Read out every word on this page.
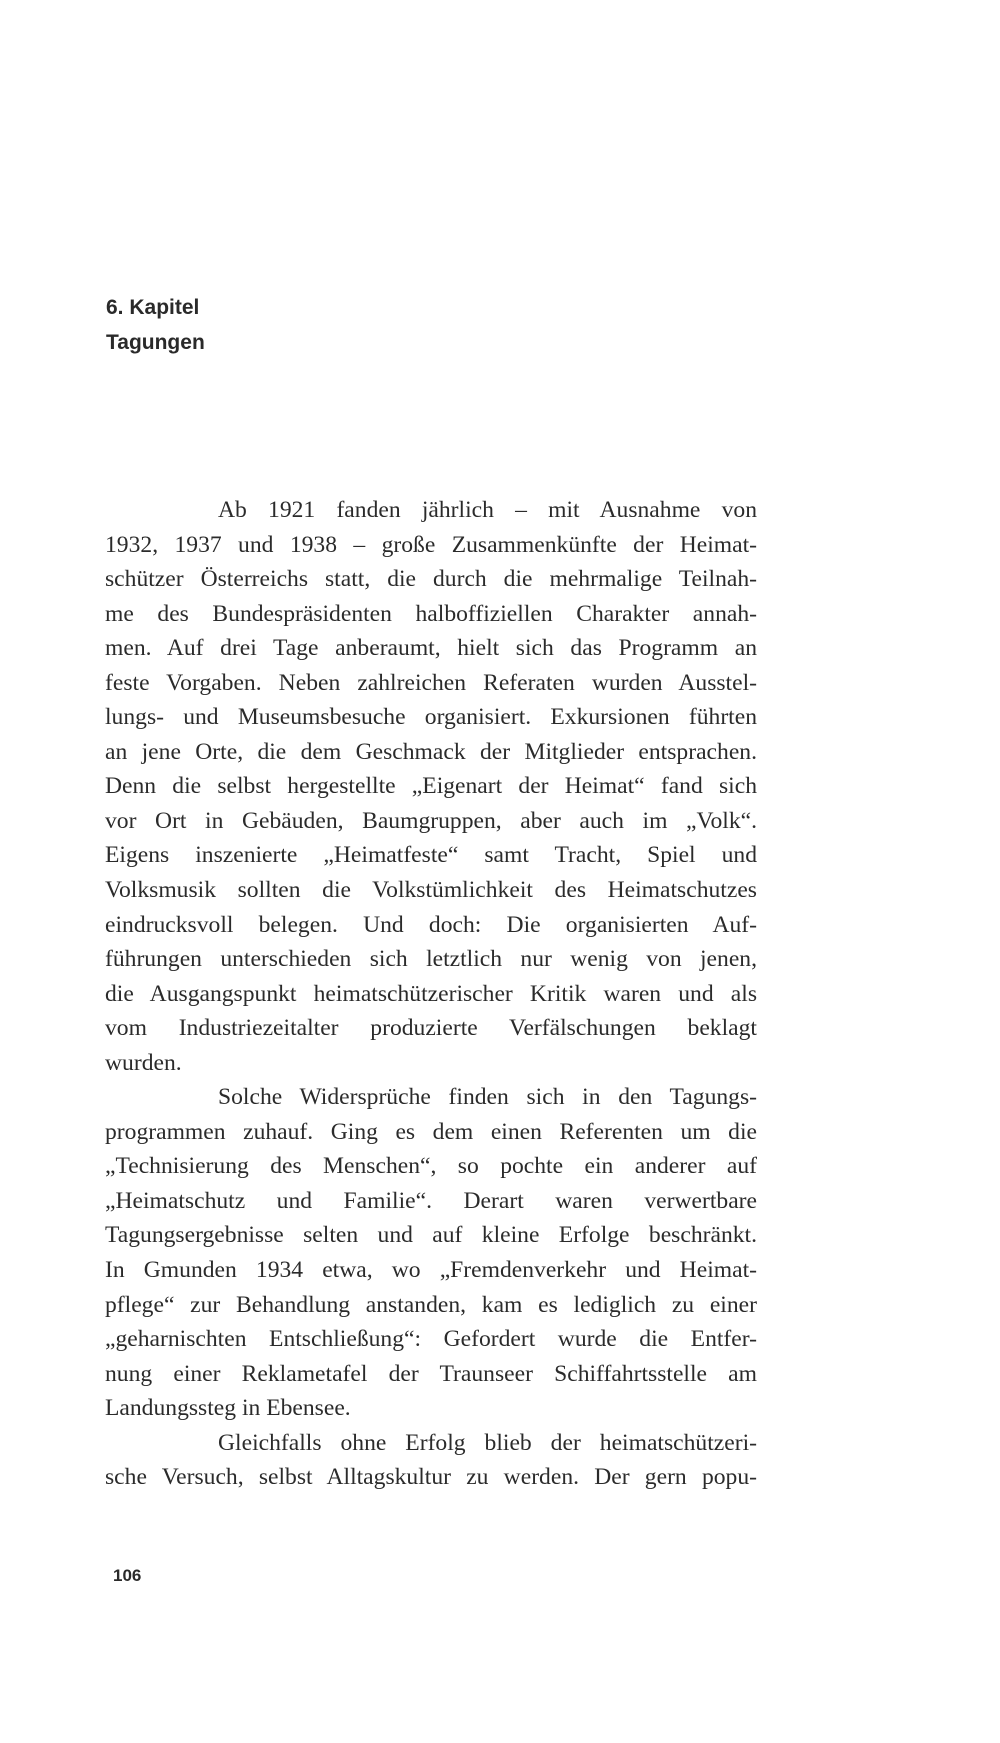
6. Kapitel
Tagungen
Ab 1921 fanden jährlich – mit Ausnahme von
1932, 1937 und 1938 – große Zusammenkünfte der Heimat-
schützer Österreichs statt, die durch die mehrmalige Teilnah-
me des Bundespräsidenten halboffiziellen Charakter annah-
men. Auf drei Tage anberaumt, hielt sich das Programm an
feste Vorgaben. Neben zahlreichen Referaten wurden Ausstel-
lungs- und Museumsbesuche organisiert. Exkursionen führten
an jene Orte, die dem Geschmack der Mitglieder entsprachen.
Denn die selbst hergestellte „Eigenart der Heimat“ fand sich
vor Ort in Gebäuden, Baumgruppen, aber auch im „Volk“.
Eigens inszenierte „Heimatfeste“ samt Tracht, Spiel und
Volksmusik sollten die Volkstümlichkeit des Heimatschutzes
eindrucksvoll belegen. Und doch: Die organisierten Auf-
führungen unterschieden sich letztlich nur wenig von jenen,
die Ausgangspunkt heimatschützerischer Kritik waren und als
vom Industriezeitalter produzierte Verfälschungen beklagt
wurden.
Solche Widersprüche finden sich in den Tagungs-
programmen zuhauf. Ging es dem einen Referenten um die
„Technisierung des Menschen“, so pochte ein anderer auf
„Heimatschutz und Familie“. Derart waren verwertbare
Tagungsergebnisse selten und auf kleine Erfolge beschränkt.
In Gmunden 1934 etwa, wo „Fremdenverkehr und Heimat-
pflege“ zur Behandlung anstanden, kam es lediglich zu einer
„geharnischten Entschließung“: Gefordert wurde die Entfer-
nung einer Reklametafel der Traunseer Schiffahrtsstelle am
Landungssteg in Ebensee.
Gleichfalls ohne Erfolg blieb der heimatschützeri-
sche Versuch, selbst Alltagskultur zu werden. Der gern popu-
106
